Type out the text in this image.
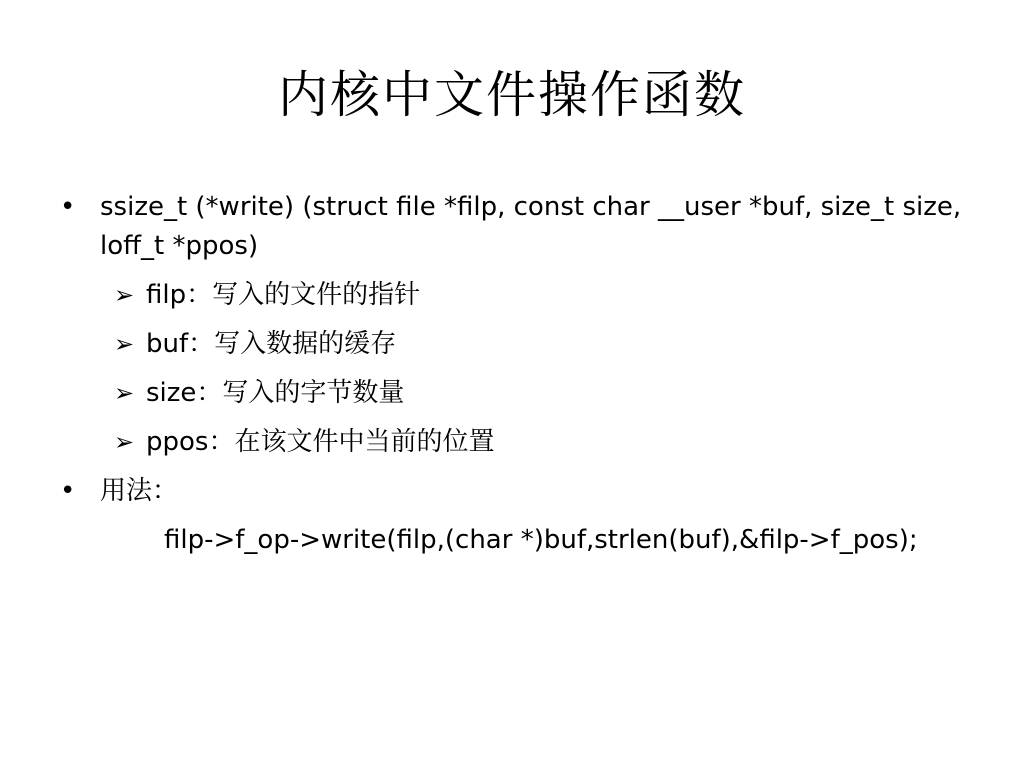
内核中文件操作函数
• ssize_t (*write) (struct file *filp, const char __user *buf, size_t size, loff_t *ppos)
➢ filp：写入的文件的指针
➢ buf：写入数据的缓存
➢ size：写入的字节数量
➢ ppos：在该文件中当前的位置
• 用法：
filp->f_op->write(filp,(char *)buf,strlen(buf),&filp->f_pos);
